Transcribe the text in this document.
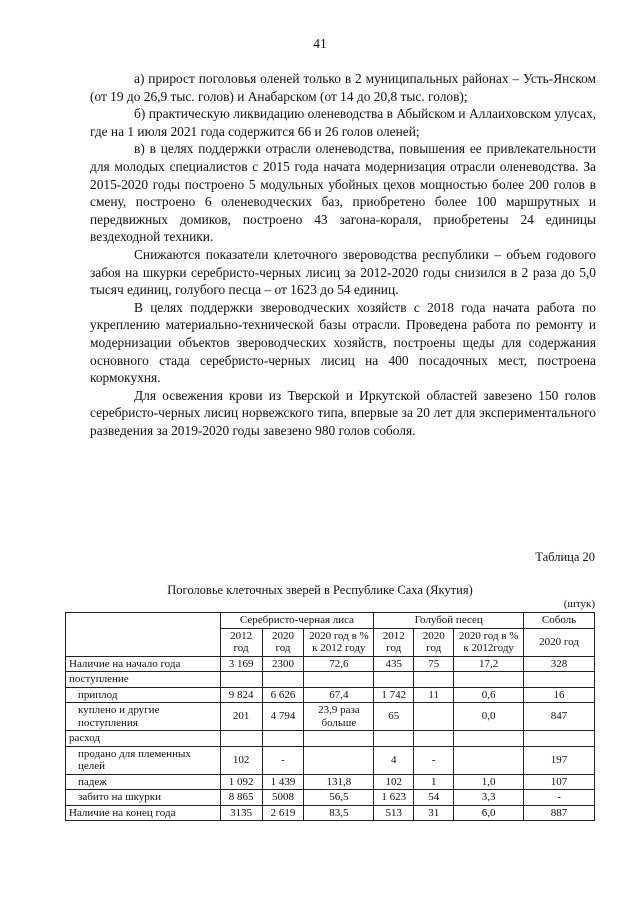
41

а) прирост поголовья оленей только в 2 муниципальных районах – Усть-Янском (от 19 до 26,9 тыс. голов) и Анабарском (от 14 до 20,8 тыс. голов);

б) практическую ликвидацию оленеводства в Абыйском и Аллаиховском улусах, где на 1 июля 2021 года содержится 66 и 26 голов оленей;

в) в целях поддержки отрасли оленеводства, повышения ее привлекательности для молодых специалистов с 2015 года начата модернизация отрасли оленеводства. За 2015-2020 годы построено 5 модульных убойных цехов мощностью более 200 голов в смену, построено 6 оленеводческих баз, приобретено более 100 маршрутных и передвижных домиков, построено 43 загона-кораля, приобретены 24 единицы вездеходной техники.

Снижаются показатели клеточного звероводства республики – объем годового забоя на шкурки серебристо-черных лисиц за 2012-2020 годы снизился в 2 раза до 5,0 тысяч единиц, голубого песца – от 1623 до 54 единиц.

В целях поддержки звероводческих хозяйств с 2018 года начата работа по укреплению материально-технической базы отрасли. Проведена работа по ремонту и модернизации объектов звероводческих хозяйств, построены щеды для содержания основного стада серебристо-черных лисиц на 400 посадочных мест, построена кормокухня.

Для освежения крови из Тверской и Иркутской областей завезено 150 голов серебристо-черных лисиц норвежского типа, впервые за 20 лет для экспериментального разведения за 2019-2020 годы завезено 980 голов соболя.

Таблица 20
Поголовье клеточных зверей в Республике Саха (Якутия)
(штук)
	Серебристо-черная лиса			Голубой песец			Соболь
	2012 год	2020 год	2020 год в % к 2012 году	2012 год	2020 год	2020 год в % к 2012году	2020 год
Наличие на начало года	3 169	2300	72,6	435	75	17,2	328
поступление							
приплод	9 824	6 626	67,4	1 742	11	0,6	16
куплено и другие поступления	201	4 794	23,9 раза больше	65		0,0	847
расход							
продано для племенных целей	102	-		4	-		197
падеж	1 092	1 439	131,8	102	1	1,0	107
забито на шкурки	8 865	5008	56,5	1 623	54	3,3	-
Наличие на конец года	3135	2 619	83,5	513	31	6,0	887
